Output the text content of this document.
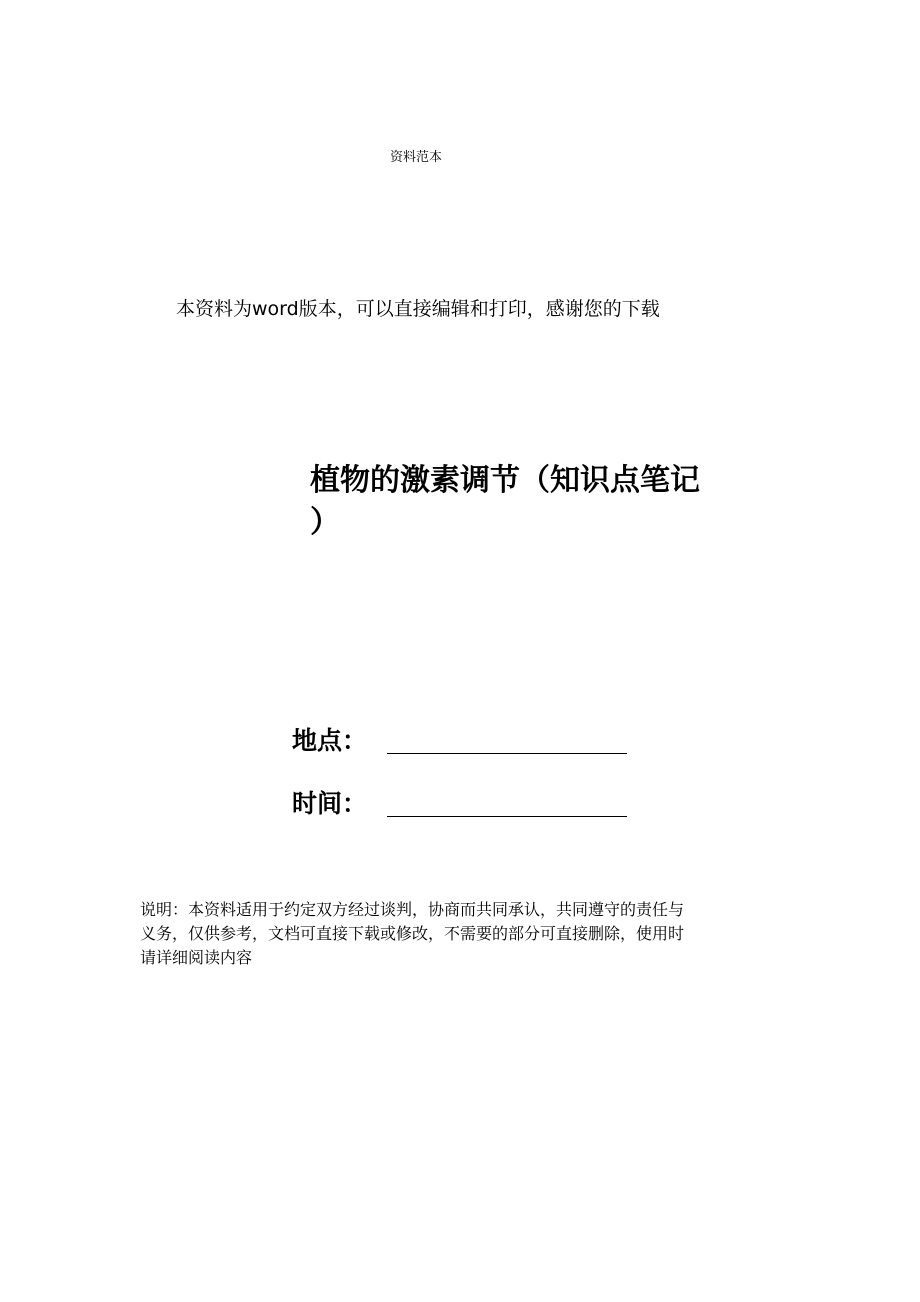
资料范本
本资料为word版本，可以直接编辑和打印，感谢您的下载
植物的激素调节（知识点笔记
）
地点：
时间：
说明：本资料适用于约定双方经过谈判，协商而共同承认，共同遵守的责任与
义务，仅供参考，文档可直接下载或修改，不需要的部分可直接删除，使用时
请详细阅读内容
